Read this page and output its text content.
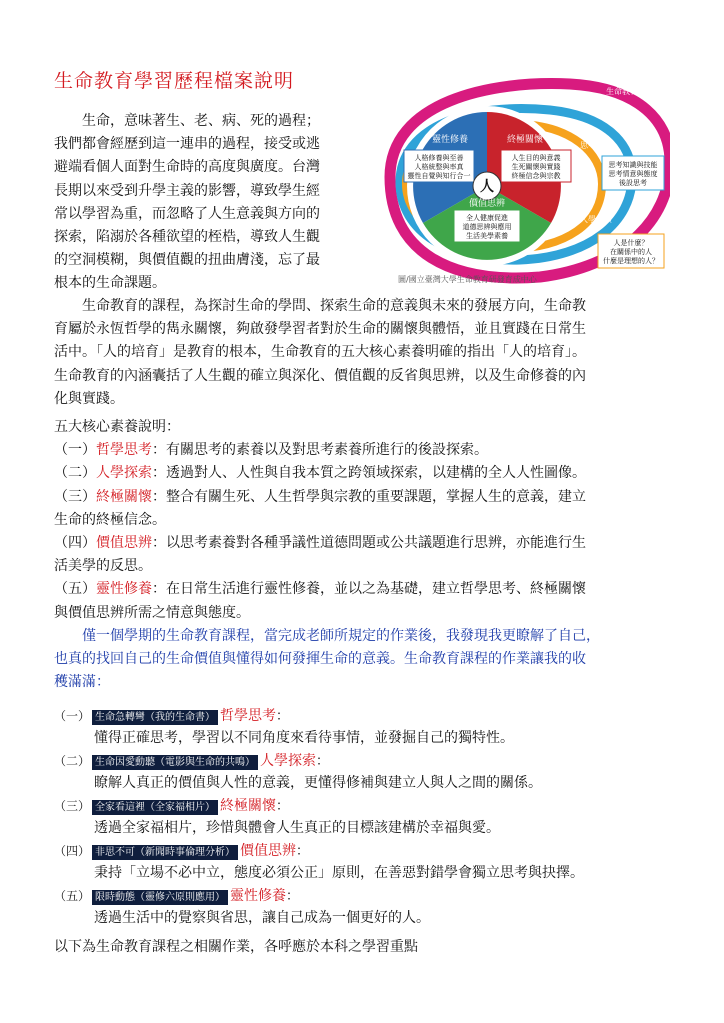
生命教育學習歷程檔案說明
　　生命，意味著生、老、病、死的過程；
我們都會經歷到這一連串的過程，接受或逃
避端看個人面對生命時的高度與廣度。台灣
長期以來受到升學主義的影響，導致學生經
常以學習為重，而忽略了人生意義與方向的
探索，陷溺於各種欲望的桎梏，導致人生觀
的空洞模糊，與價值觀的扭曲膚淺，忘了最
根本的生命課題。
人
靈性修養	終極關懷
價值思辨
人格修養與至善
人格統整與率真
靈性自覺與知行合一
人生目的與意義
生死關懷與實踐
終極信念與宗教
全人健康促進
道德思辨與應用
生活美學素養
生命教育
思考教育
人學探索
思考知識與技能
思考情意與態度
後設思考
人是什麼？
在關係中的人
什麼是理想的人？
圖/國立臺灣大學生命教育研發育成中心
　　生命教育的課程，為探討生命的學問、探索生命的意義與未來的發展方向，生命教
育屬於永恆哲學的雋永關懷，夠啟發學習者對於生命的關懷與體悟，並且實踐在日常生
活中。「人的培育」是教育的根本，生命教育的五大核心素養明確的指出「人的培育」。
生命教育的內涵囊括了人生觀的確立與深化、價值觀的反省與思辨，以及生命修養的內
化與實踐。
五大核心素養說明：
（一）哲學思考：有關思考的素養以及對思考素養所進行的後設探索。
（二）人學探索：透過對人、人性與自我本質之跨領域探索，以建構的全人人性圖像。
（三）終極關懷：整合有關生死、人生哲學與宗教的重要課題，掌握人生的意義，建立
生命的終極信念。
（四）價值思辨：以思考素養對各種爭議性道德問題或公共議題進行思辨，亦能進行生
活美學的反思。
（五）靈性修養：在日常生活進行靈性修養，並以之為基礎，建立哲學思考、終極關懷
與價值思辨所需之情意與態度。
　　僅一個學期的生命教育課程，當完成老師所規定的作業後，我發現我更瞭解了自己，
也真的找回自己的生命價值與懂得如何發揮生命的意義。生命教育課程的作業讓我的收
穫滿滿：
（一） 生命急轉彎（我的生命書） 哲學思考：
懂得正確思考，學習以不同角度來看待事情，並發掘自己的獨特性。
（二） 生命因愛動聽（電影與生命的共鳴） 人學探索：
瞭解人真正的價值與人性的意義，更懂得修補與建立人與人之間的關係。
（三） 全家看這裡（全家福相片） 終極關懷：
透過全家福相片，珍惜與體會人生真正的目標該建構於幸福與愛。
（四） 非思不可（新聞時事倫理分析） 價值思辨：
秉持「立場不必中立，態度必須公正」原則，在善惡對錯學會獨立思考與抉擇。
（五） 限時動態（靈修六原則應用） 靈性修養：
透過生活中的覺察與省思，讓自己成為一個更好的人。
以下為生命教育課程之相關作業，各呼應於本科之學習重點
